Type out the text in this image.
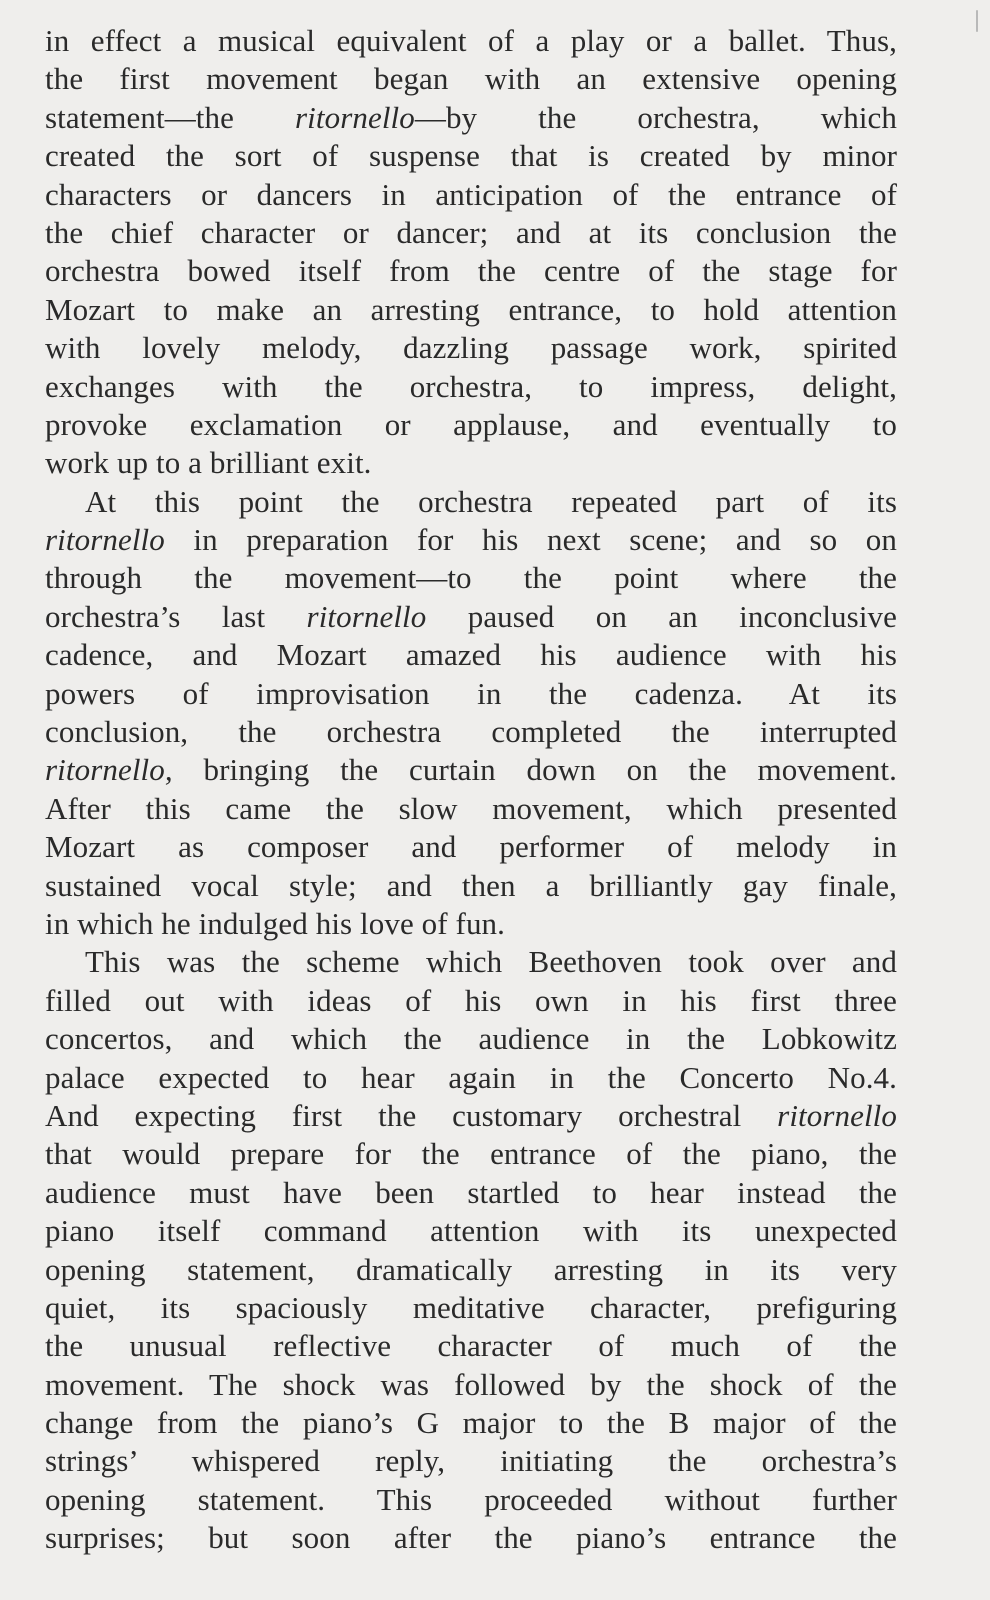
in effect a musical equivalent of a play or a ballet. Thus,
the first movement began with an extensive opening
statement—the ritornello—by the orchestra, which
created the sort of suspense that is created by minor
characters or dancers in anticipation of the entrance of
the chief character or dancer; and at its conclusion the
orchestra bowed itself from the centre of the stage for
Mozart to make an arresting entrance, to hold attention
with lovely melody, dazzling passage work, spirited
exchanges with the orchestra, to impress, delight,
provoke exclamation or applause, and eventually to
work up to a brilliant exit.
At this point the orchestra repeated part of its
ritornello in preparation for his next scene; and so on
through the movement—to the point where the
orchestra’s last ritornello paused on an inconclusive
cadence, and Mozart amazed his audience with his
powers of improvisation in the cadenza. At its
conclusion, the orchestra completed the interrupted
ritornello, bringing the curtain down on the movement.
After this came the slow movement, which presented
Mozart as composer and performer of melody in
sustained vocal style; and then a brilliantly gay finale,
in which he indulged his love of fun.
This was the scheme which Beethoven took over and
filled out with ideas of his own in his first three
concertos, and which the audience in the Lobkowitz
palace expected to hear again in the Concerto No.4.
And expecting first the customary orchestral ritornello
that would prepare for the entrance of the piano, the
audience must have been startled to hear instead the
piano itself command attention with its unexpected
opening statement, dramatically arresting in its very
quiet, its spaciously meditative character, prefiguring
the unusual reflective character of much of the
movement. The shock was followed by the shock of the
change from the piano’s G major to the B major of the
strings’ whispered reply, initiating the orchestra’s
opening statement. This proceeded without further
surprises; but soon after the piano’s entrance the
